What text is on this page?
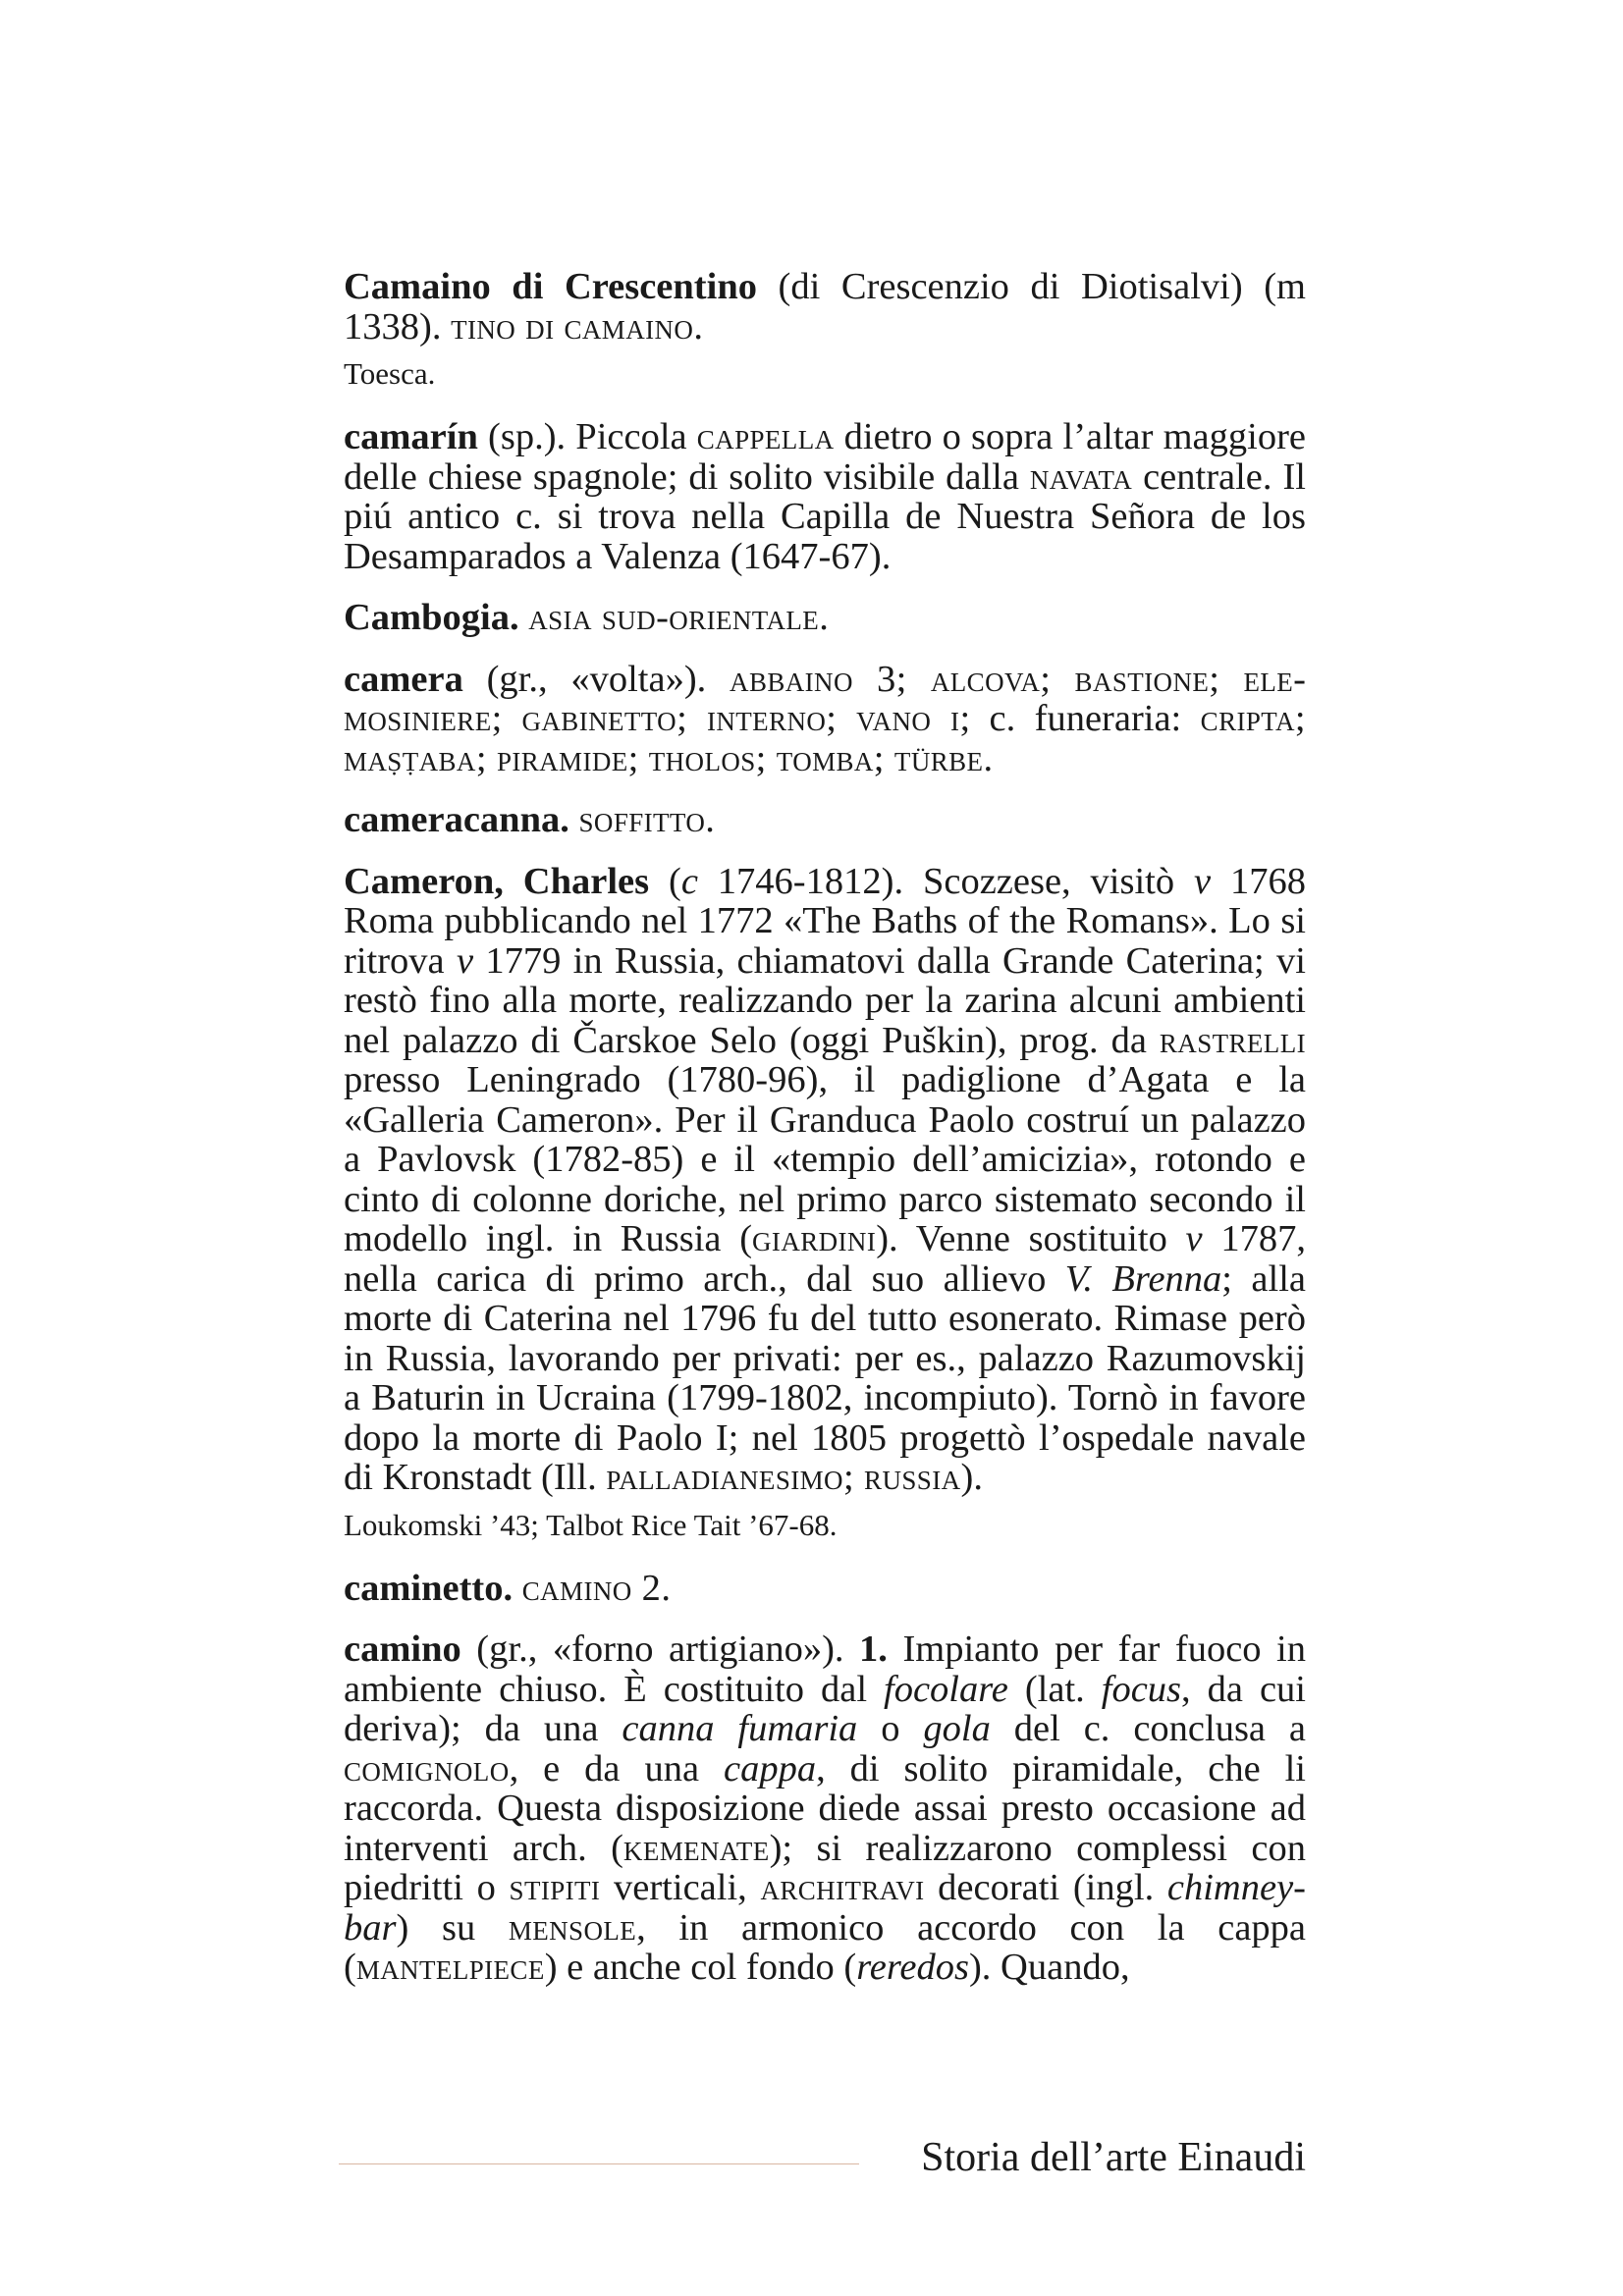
Camaino di Crescentino (di Crescenzio di Diotisalvi) (m 1338). tino di camaino.

Toesca.

camarín (sp.). Piccola cappella dietro o sopra l’altar maggiore delle chiese spagnole; di solito visibile dalla navata centrale. Il piú antico c. si trova nella Capilla de Nuestra Señora de los Desamparados a Valenza (1647-67).

Cambogia. asia sud-orientale.

camera (gr., «volta»). abbaino 3; alcova; bastione; elemosiniere; gabinetto; interno; vano i; c. funeraria: cripta; maṣṭaba; piramide; tholos; tomba; türbe.

cameracanna. soffitto.

Cameron, Charles (c 1746-1812). Scozzese, visitò v 1768 Roma pubblicando nel 1772 «The Baths of the Romans». Lo si ritrova v 1779 in Russia, chiamatovi dalla Grande Caterina; vi restò fino alla morte, realizzando per la zarina alcuni ambienti nel palazzo di Čarskoe Selo (oggi Puškin), prog. da rastrelli presso Leningrado (1780-96), il padiglione d’Agata e la «Galleria Cameron». Per il Granduca Paolo costruí un palazzo a Pavlovsk (1782-85) e il «tempio dell’amicizia», rotondo e cinto di colonne doriche, nel primo parco sistemato secondo il modello ingl. in Russia (giardini). Venne sostituito v 1787, nella carica di primo arch., dal suo allievo V. Brenna; alla morte di Caterina nel 1796 fu del tutto esonerato. Rimase però in Russia, lavorando per privati: per es., palazzo Razumovskij a Baturin in Ucraina (1799-1802, incompiuto). Tornò in favore dopo la morte di Paolo I; nel 1805 progettò l’ospedale navale di Kronstadt (Ill. palladianesimo; russia).

Loukomski ’43; Talbot Rice Tait ’67-68.

caminetto. camino 2.

camino (gr., «forno artigiano»). 1. Impianto per far fuoco in ambiente chiuso. È costituito dal focolare (lat. focus, da cui deriva); da una canna fumaria o gola del c. conclusa a comignolo, e da una cappa, di solito piramidale, che li raccorda. Questa disposizione diede assai presto occasione ad interventi arch. (kemenate); si realizzarono complessi con piedritti o stipiti verticali, architravi decorati (ingl. chimney-bar) su mensole, in armonico accordo con la cappa (mantelpiece) e anche col fondo (reredos). Quando,

Storia dell’arte Einaudi
